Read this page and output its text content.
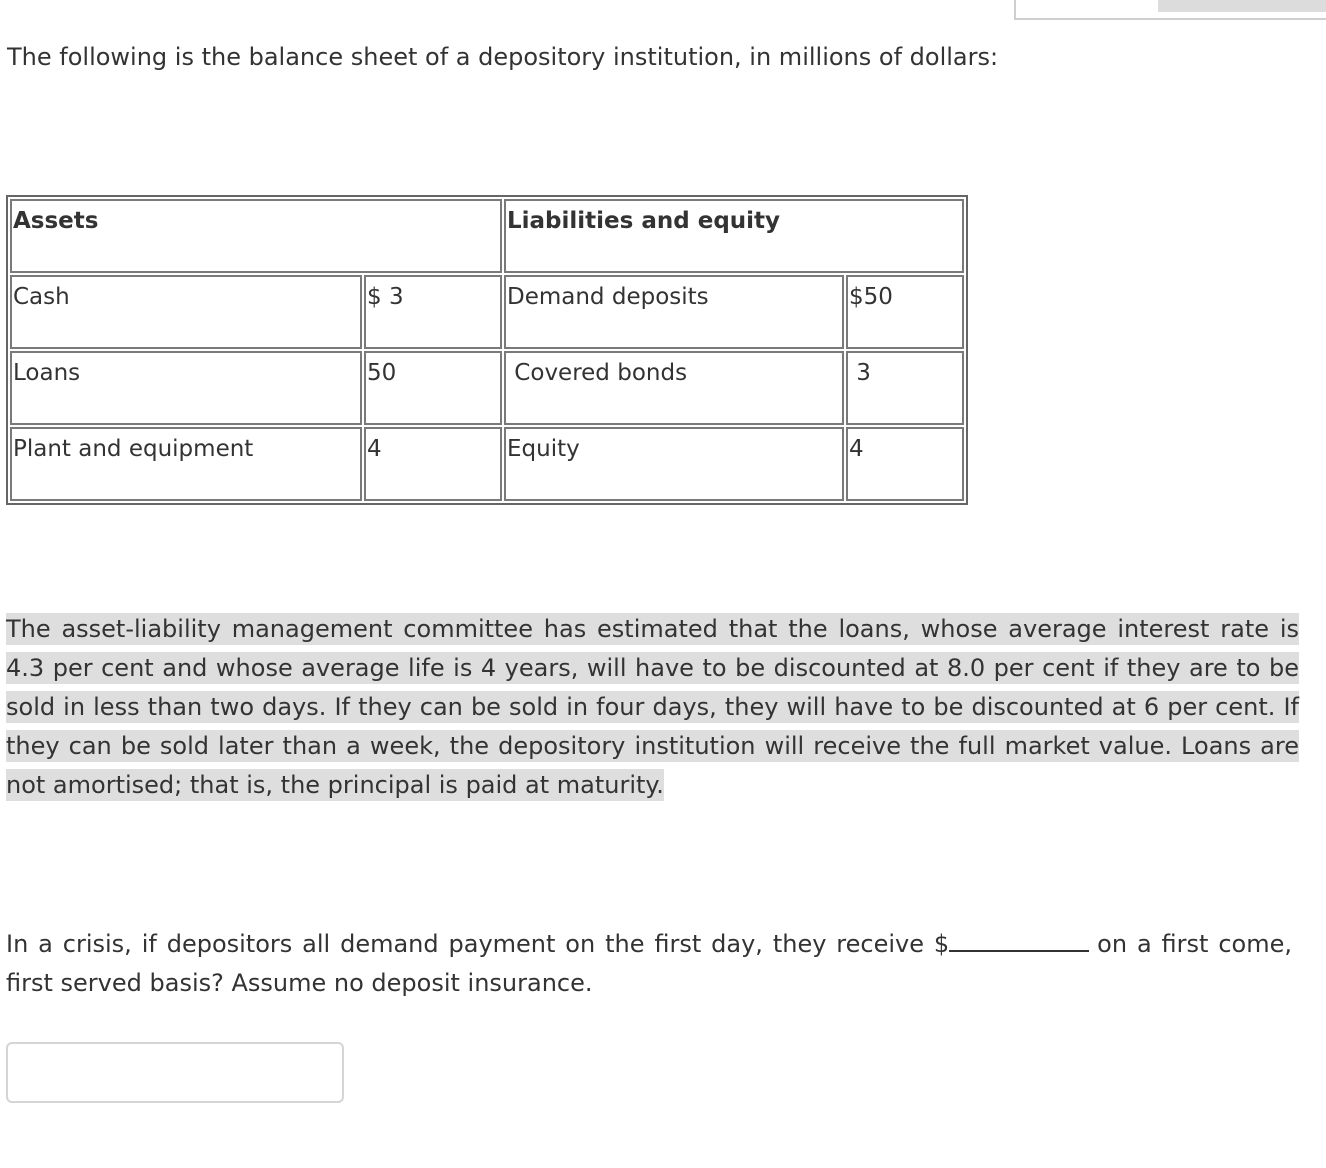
The following is the balance sheet of a depository institution, in millions of dollars:

Assets		Liabilities and equity	
Cash	$ 3	Demand deposits	$50
Loans	50	Covered bonds	3
Plant and equipment	4	Equity	4

The asset-liability management committee has estimated that the loans, whose average interest rate is 4.3 per cent and whose average life is 4 years, will have to be discounted at 8.0 per cent if they are to be sold in less than two days. If they can be sold in four days, they will have to be discounted at 6 per cent. If they can be sold later than a week, the depository institution will receive the full market value. Loans are not amortised; that is, the principal is paid at maturity.

In a crisis, if depositors all demand payment on the first day, they receive $	on a first come, first served basis? Assume no deposit insurance.
